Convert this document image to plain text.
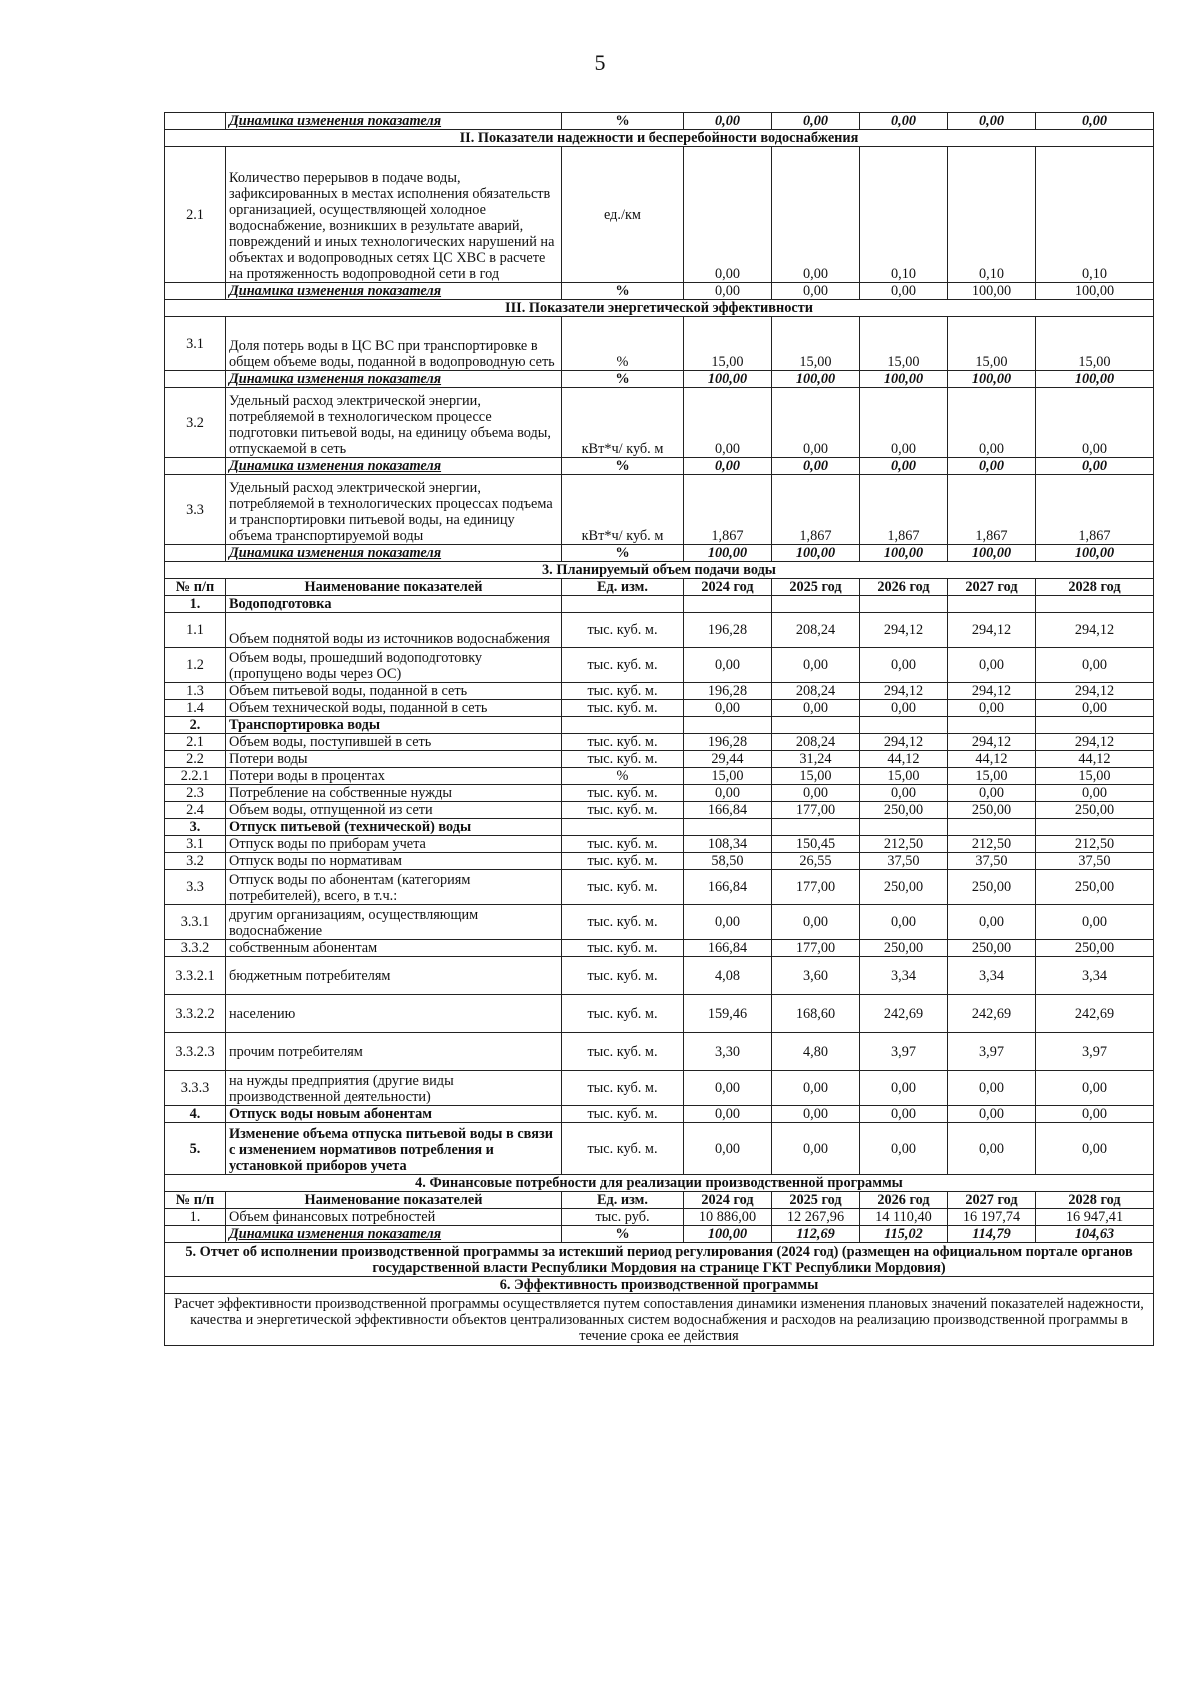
5
	Динамика изменения показателя	%	0,00	0,00	0,00	0,00	0,00
II. Показатели надежности и бесперебойности водоснабжения							
2.1	Количество перерывов в подаче воды, зафиксированных в местах исполнения обязательств организацией, осуществляющей холодное водоснабжение, возникших в результате аварий, повреждений и иных технологических нарушений на объектах и водопроводных сетях ЦС ХВС в расчете на протяженность водопроводной сети в год	ед./км	0,00	0,00	0,10	0,10	0,10
	Динамика изменения показателя	%	0,00	0,00	0,00	100,00	100,00
III. Показатели энергетической эффективности							
3.1	Доля потерь воды в ЦС ВС при транспортировке в общем объеме воды, поданной в водопроводную сеть	%	15,00	15,00	15,00	15,00	15,00
	Динамика изменения показателя	%	100,00	100,00	100,00	100,00	100,00
3.2	Удельный расход электрической энергии, потребляемой в технологическом процессе подготовки питьевой воды, на единицу объема воды, отпускаемой в сеть	кВт*ч/ куб. м	0,00	0,00	0,00	0,00	0,00
	Динамика изменения показателя	%	0,00	0,00	0,00	0,00	0,00
3.3	Удельный расход электрической энергии, потребляемой в технологических процессах подъема и транспортировки питьевой воды, на единицу объема транспортируемой воды	кВт*ч/ куб. м	1,867	1,867	1,867	1,867	1,867
	Динамика изменения показателя	%	100,00	100,00	100,00	100,00	100,00
3. Планируемый объем подачи воды							
№ п/п	Наименование показателей	Ед. изм.	2024 год	2025 год	2026 год	2027 год	2028 год
1.	Водоподготовка						
1.1	Объем поднятой воды из источников водоснабжения	тыс. куб. м.	196,28	208,24	294,12	294,12	294,12
1.2	Объем воды, прошедший водоподготовку (пропущено воды через ОС)	тыс. куб. м.	0,00	0,00	0,00	0,00	0,00
1.3	Объем питьевой воды, поданной в сеть	тыс. куб. м.	196,28	208,24	294,12	294,12	294,12
1.4	Объем технической воды, поданной в сеть	тыс. куб. м.	0,00	0,00	0,00	0,00	0,00
2.	Транспортировка воды						
2.1	Объем воды, поступившей в сеть	тыс. куб. м.	196,28	208,24	294,12	294,12	294,12
2.2	Потери воды	тыс. куб. м.	29,44	31,24	44,12	44,12	44,12
2.2.1	Потери воды в процентах	%	15,00	15,00	15,00	15,00	15,00
2.3	Потребление на собственные нужды	тыс. куб. м.	0,00	0,00	0,00	0,00	0,00
2.4	Объем воды, отпущенной из сети	тыс. куб. м.	166,84	177,00	250,00	250,00	250,00
3.	Отпуск питьевой (технической) воды						
3.1	Отпуск воды по приборам учета	тыс. куб. м.	108,34	150,45	212,50	212,50	212,50
3.2	Отпуск воды по нормативам	тыс. куб. м.	58,50	26,55	37,50	37,50	37,50
3.3	Отпуск воды по абонентам (категориям потребителей), всего, в т.ч.:	тыс. куб. м.	166,84	177,00	250,00	250,00	250,00
3.3.1	другим организациям, осуществляющим водоснабжение	тыс. куб. м.	0,00	0,00	0,00	0,00	0,00
3.3.2	собственным абонентам	тыс. куб. м.	166,84	177,00	250,00	250,00	250,00
3.3.2.1	бюджетным потребителям	тыс. куб. м.	4,08	3,60	3,34	3,34	3,34
3.3.2.2	населению	тыс. куб. м.	159,46	168,60	242,69	242,69	242,69
3.3.2.3	прочим потребителям	тыс. куб. м.	3,30	4,80	3,97	3,97	3,97
3.3.3	на нужды предприятия (другие виды производственной деятельности)	тыс. куб. м.	0,00	0,00	0,00	0,00	0,00
4.	Отпуск воды новым абонентам	тыс. куб. м.	0,00	0,00	0,00	0,00	0,00
5.	Изменение объема отпуска питьевой воды в связи с изменением нормативов потребления и установкой приборов учета	тыс. куб. м.	0,00	0,00	0,00	0,00	0,00
4. Финансовые потребности для реализации производственной программы							
№ п/п	Наименование показателей	Ед. изм.	2024 год	2025 год	2026 год	2027 год	2028 год
1.	Объем финансовых потребностей	тыс. руб.	10 886,00	12 267,96	14 110,40	16 197,74	16 947,41
	Динамика изменения показателя	%	100,00	112,69	115,02	114,79	104,63
5. Отчет об исполнении производственной программы за истекший период регулирования (2024 год) (размещен на официальном портале органов государственной власти Республики Мордовия на странице ГКТ Республики Мордовия)							
6. Эффективность производственной программы							
Расчет эффективности производственной программы осуществляется путем сопоставления динамики изменения плановых значений показателей надежности, качества и энергетической эффективности объектов централизованных систем водоснабжения и расходов на реализацию производственной программы в течение срока ее действия							
